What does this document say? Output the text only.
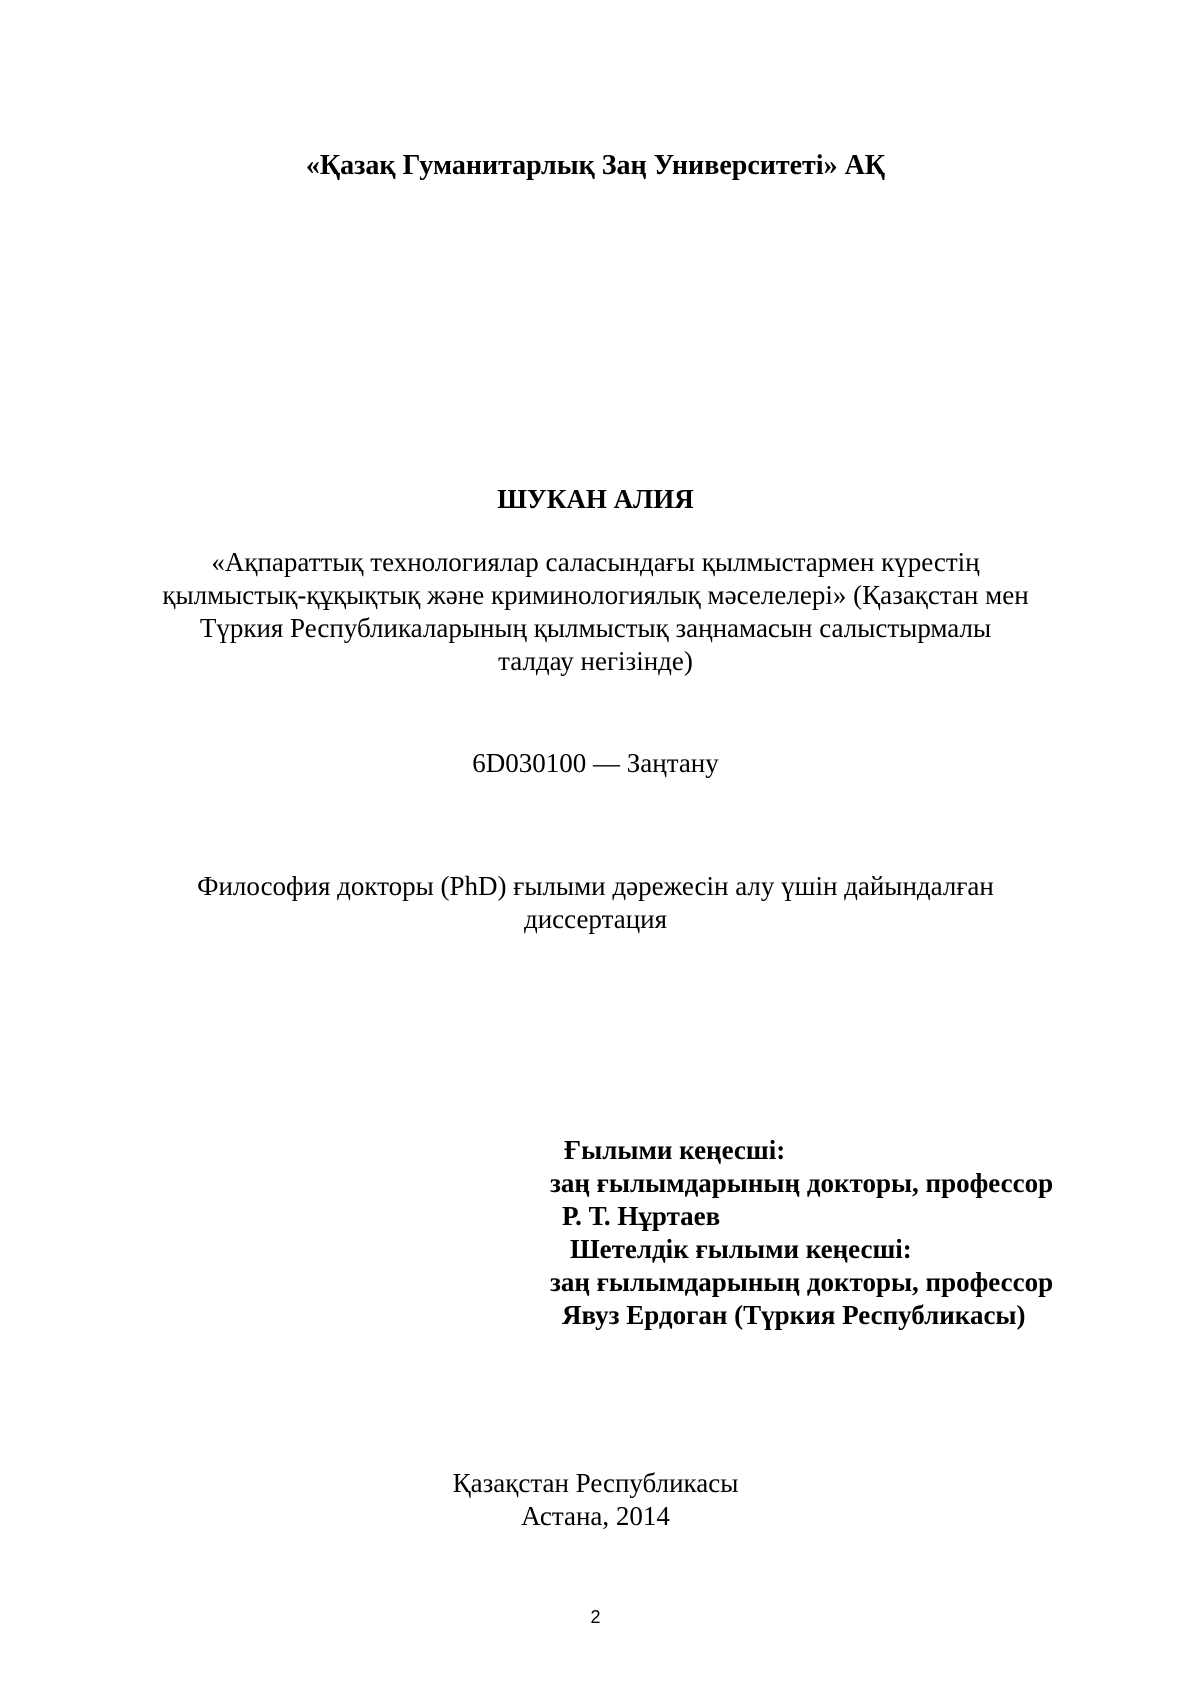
«Қазақ Гуманитарлық Заң Университеті» АҚ
ШУКАН АЛИЯ
«Ақпараттық технологиялар саласындағы қылмыстармен күрестің
қылмыстық-құқықтық және криминологиялық мәселелері» (Қазақстан мен
Түркия Республикаларының қылмыстық заңнамасын салыстырмалы
талдау негізінде)
6D030100 — Заңтану
Философия докторы (PhD) ғылыми дәрежесін алу үшін дайындалған
диссертация
Ғылыми кеңесші:
заң ғылымдарының докторы, профессор
Р. Т. Нұртаев
Шетелдік ғылыми кеңесші:
заң ғылымдарының докторы, профессор
Явуз Ердоган (Түркия Республикасы)
Қазақстан Республикасы
Астана, 2014
2
